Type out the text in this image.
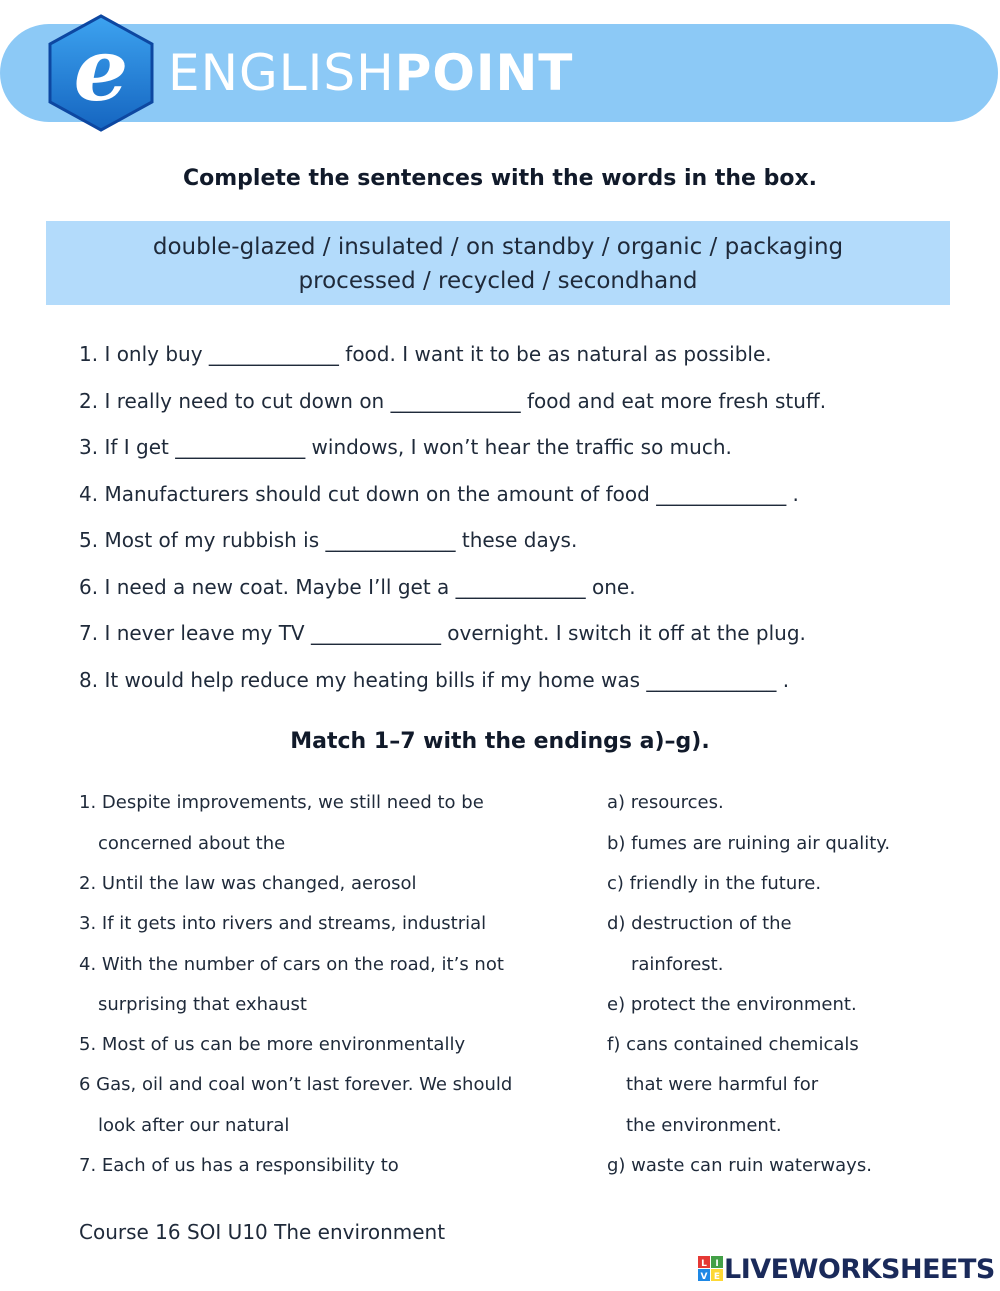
e ENGLISHPOINT
Complete the sentences with the words in the box.
double-glazed / insulated / on standby / organic / packaging
processed / recycled / secondhand
1. I only buy _____________ food. I want it to be as natural as possible.
2. I really need to cut down on _____________ food and eat more fresh stuff.
3. If I get _____________ windows, I won’t hear the traffic so much.
4. Manufacturers should cut down on the amount of food _____________ .
5. Most of my rubbish is _____________ these days.
6. I need a new coat. Maybe I’ll get a _____________ one.
7. I never leave my TV _____________ overnight. I switch it off at the plug.
8. It would help reduce my heating bills if my home was _____________ .
Match 1–7 with the endings a)–g).
1. Despite improvements, we still need to be
concerned about the
2. Until the law was changed, aerosol
3. If it gets into rivers and streams, industrial
4. With the number of cars on the road, it’s not
surprising that exhaust
5. Most of us can be more environmentally
6 Gas, oil and coal won’t last forever. We should
look after our natural
7. Each of us has a responsibility to
a) resources.
b) fumes are ruining air quality.
c) friendly in the future.
d) destruction of the
rainforest.
e) protect the environment.
f) cans contained chemicals
that were harmful for
the environment.
g) waste can ruin waterways.
Course 16 SOI U10 The environment
L I
V E LIVEWORKSHEETS
